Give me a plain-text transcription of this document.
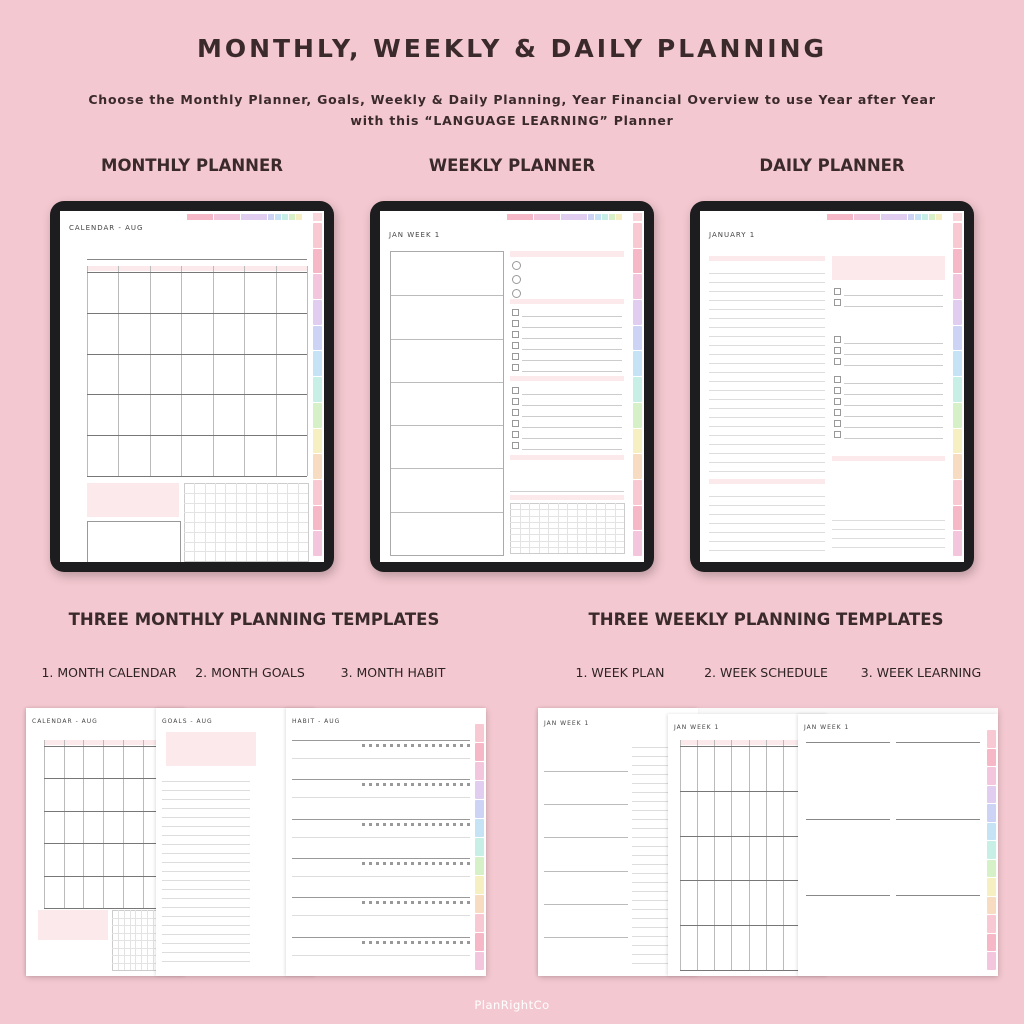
MONTHLY, WEEKLY & DAILY PLANNING
Choose the Monthly Planner, Goals, Weekly & Daily Planning, Year Financial Overview to use Year after Year
with this “LANGUAGE LEARNING” Planner
MONTHLY PLANNER	WEEKLY PLANNER	DAILY PLANNER
CALENDAR - AUG
JAN WEEK 1	JANUARY 1
THREE MONTHLY PLANNING TEMPLATES	THREE WEEKLY PLANNING TEMPLATES
1. MONTH CALENDAR	2. MONTH GOALS	3. MONTH HABIT	1. WEEK PLAN	2. WEEK SCHEDULE	3. WEEK LEARNING
CALENDAR - AUG	GOALS - AUG	HABIT - AUG	JAN WEEK 1
JAN WEEK 1	JAN WEEK 1
PlanRightCo
